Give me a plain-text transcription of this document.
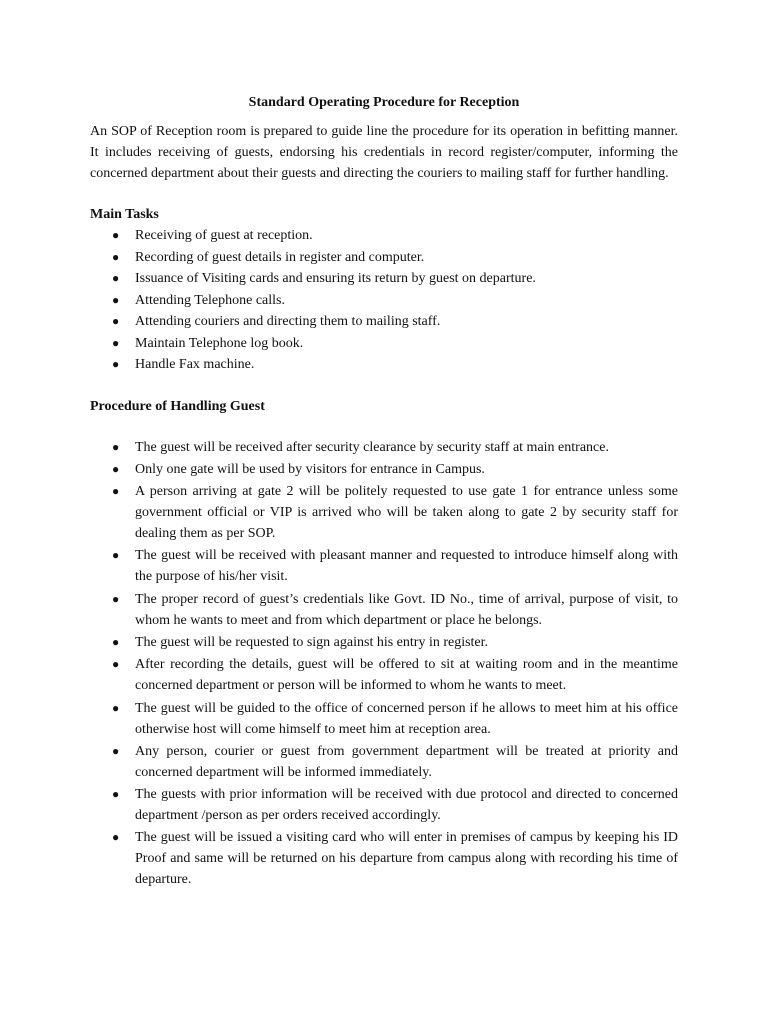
Standard Operating Procedure for Reception

An SOP of Reception room is prepared to guide line the procedure for its operation in befitting manner. It includes receiving of guests, endorsing his credentials in record register/computer, informing the concerned department about their guests and directing the couriers to mailing staff for further handling.

Main Tasks

● Receiving of guest at reception.
● Recording of guest details in register and computer.
● Issuance of Visiting cards and ensuring its return by guest on departure.
● Attending Telephone calls.
● Attending couriers and directing them to mailing staff.
● Maintain Telephone log book.
● Handle Fax machine.

Procedure of Handling Guest

● The guest will be received after security clearance by security staff at main entrance.
● Only one gate will be used by visitors for entrance in Campus.
● A person arriving at gate 2 will be politely requested to use gate 1 for entrance unless some government official or VIP is arrived who will be taken along to gate 2 by security staff for dealing them as per SOP.
● The guest will be received with pleasant manner and requested to introduce himself along with the purpose of his/her visit.
● The proper record of guest’s credentials like Govt. ID No., time of arrival, purpose of visit, to whom he wants to meet and from which department or place he belongs.
● The guest will be requested to sign against his entry in register.
● After recording the details, guest will be offered to sit at waiting room and in the meantime concerned department or person will be informed to whom he wants to meet.
● The guest will be guided to the office of concerned person if he allows to meet him at his office otherwise host will come himself to meet him at reception area.
● Any person, courier or guest from government department will be treated at priority and concerned department will be informed immediately.
● The guests with prior information will be received with due protocol and directed to concerned department /person as per orders received accordingly.
● The guest will be issued a visiting card who will enter in premises of campus by keeping his ID Proof and same will be returned on his departure from campus along with recording his time of departure.
